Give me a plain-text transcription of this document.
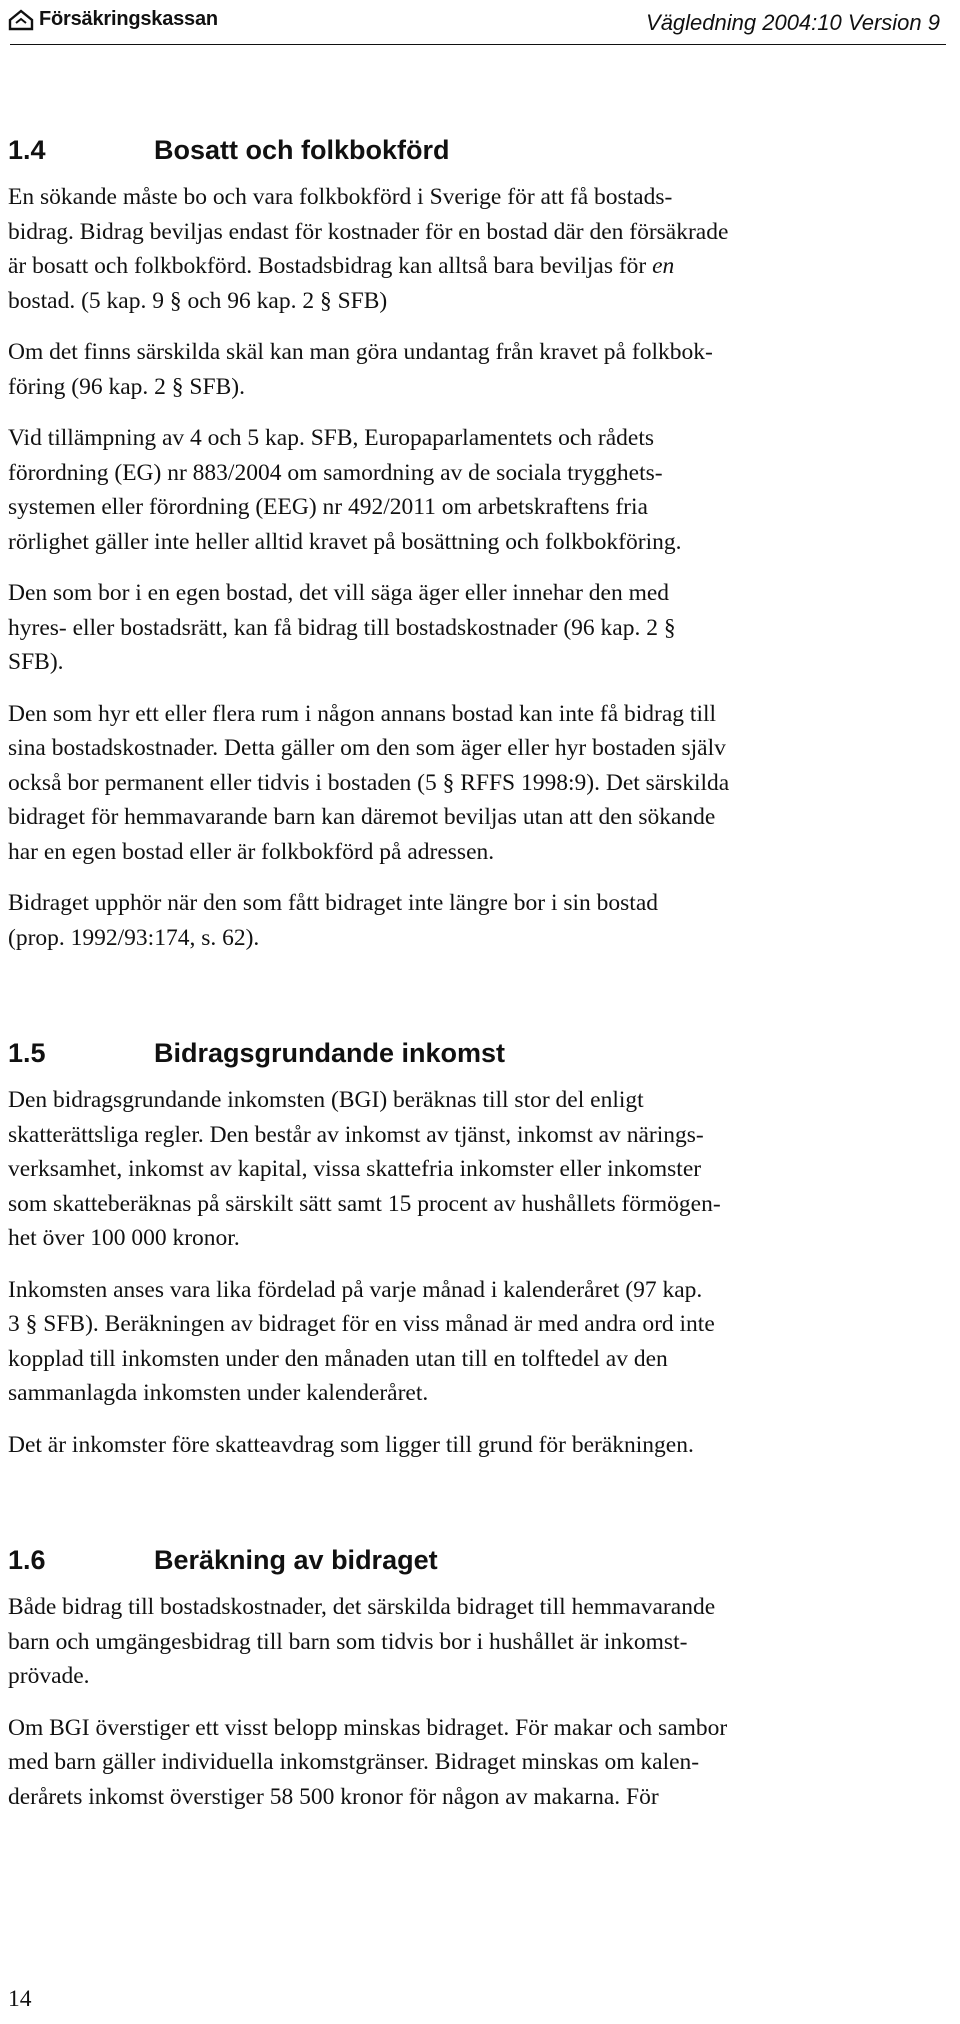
Försäkringskassan	Vägledning 2004:10 Version 9
1.4	Bosatt och folkbokförd

En sökande måste bo och vara folkbokförd i Sverige för att få bostads-
bidrag. Bidrag beviljas endast för kostnader för en bostad där den försäkrade
är bosatt och folkbokförd. Bostadsbidrag kan alltså bara beviljas för en
bostad. (5 kap. 9 § och 96 kap. 2 § SFB)

Om det finns särskilda skäl kan man göra undantag från kravet på folkbok-
föring (96 kap. 2 § SFB).

Vid tillämpning av 4 och 5 kap. SFB, Europaparlamentets och rådets
förordning (EG) nr 883/2004 om samordning av de sociala trygghets-
systemen eller förordning (EEG) nr 492/2011 om arbetskraftens fria
rörlighet gäller inte heller alltid kravet på bosättning och folkbokföring.

Den som bor i en egen bostad, det vill säga äger eller innehar den med
hyres- eller bostadsrätt, kan få bidrag till bostadskostnader (96 kap. 2 §
SFB).

Den som hyr ett eller flera rum i någon annans bostad kan inte få bidrag till
sina bostadskostnader. Detta gäller om den som äger eller hyr bostaden själv
också bor permanent eller tidvis i bostaden (5 § RFFS 1998:9). Det särskilda
bidraget för hemmavarande barn kan däremot beviljas utan att den sökande
har en egen bostad eller är folkbokförd på adressen.

Bidraget upphör när den som fått bidraget inte längre bor i sin bostad
(prop. 1992/93:174, s. 62).

1.5	Bidragsgrundande inkomst

Den bidragsgrundande inkomsten (BGI) beräknas till stor del enligt
skatterättsliga regler. Den består av inkomst av tjänst, inkomst av närings-
verksamhet, inkomst av kapital, vissa skattefria inkomster eller inkomster
som skatteberäknas på särskilt sätt samt 15 procent av hushållets förmögen-
het över 100 000 kronor.

Inkomsten anses vara lika fördelad på varje månad i kalenderåret (97 kap.
3 § SFB). Beräkningen av bidraget för en viss månad är med andra ord inte
kopplad till inkomsten under den månaden utan till en tolftedel av den
sammanlagda inkomsten under kalenderåret.

Det är inkomster före skatteavdrag som ligger till grund för beräkningen.

1.6	Beräkning av bidraget

Både bidrag till bostadskostnader, det särskilda bidraget till hemmavarande
barn och umgängesbidrag till barn som tidvis bor i hushållet är inkomst-
prövade.

Om BGI överstiger ett visst belopp minskas bidraget. För makar och sambor
med barn gäller individuella inkomstgränser. Bidraget minskas om kalen-
derårets inkomst överstiger 58 500 kronor för någon av makarna. För

14
